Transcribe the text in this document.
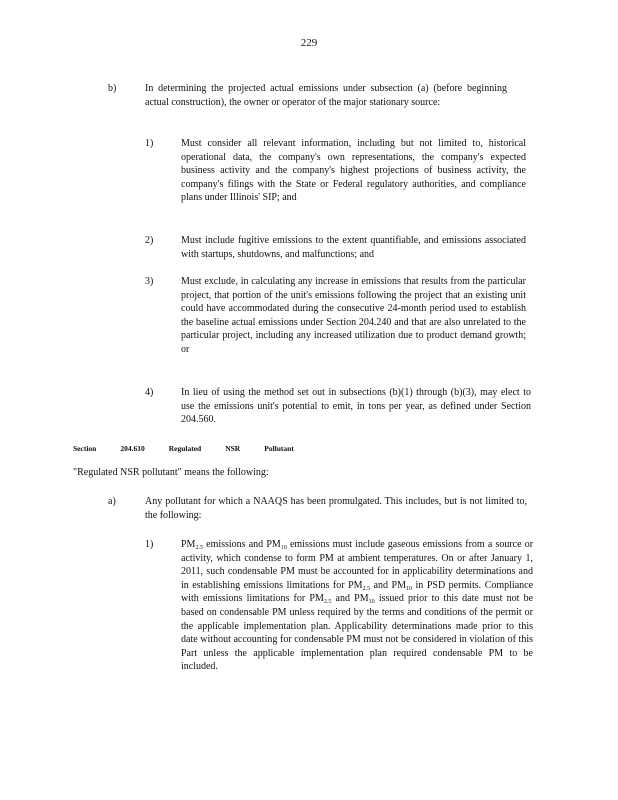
229
b)	In determining the projected actual emissions under subsection (a) (before beginning actual construction), the owner or operator of the major stationary source:
1)	Must consider all relevant information, including but not limited to, historical operational data, the company's own representations, the company's expected business activity and the company's highest projections of business activity, the company's filings with the State or Federal regulatory authorities, and compliance plans under Illinois' SIP; and
2)	Must include fugitive emissions to the extent quantifiable, and emissions associated with startups, shutdowns, and malfunctions; and
3)	Must exclude, in calculating any increase in emissions that results from the particular project, that portion of the unit's emissions following the project that an existing unit could have accommodated during the consecutive 24-month period used to establish the baseline actual emissions under Section 204.240 and that are also unrelated to the particular project, including any increased utilization due to product demand growth; or
4)	In lieu of using the method set out in subsections (b)(1) through (b)(3), may elect to use the emissions unit's potential to emit, in tons per year, as defined under Section 204.560.
Section	204.610	Regulated	NSR	Pollutant
"Regulated NSR pollutant" means the following:
a)	Any pollutant for which a NAAQS has been promulgated. This includes, but is not limited to, the following:
1)	$PM_{2.5}$ emissions and $PM_{10}$ emissions must include gaseous emissions from a source or activity, which condense to form PM at ambient temperatures. On or after January 1, 2011, such condensable PM must be accounted for in applicability determinations and in establishing emissions limitations for $PM_{2.5}$ and $PM_{10}$ in PSD permits. Compliance with emissions limitations for $PM_{2.5}$ and $PM_{10}$ issued prior to this date must not be based on condensable PM unless required by the terms and conditions of the permit or the applicable implementation plan. Applicability determinations made prior to this date without accounting for condensable PM must not be considered in violation of this Part unless the applicable implementation plan required condensable PM to be included.
